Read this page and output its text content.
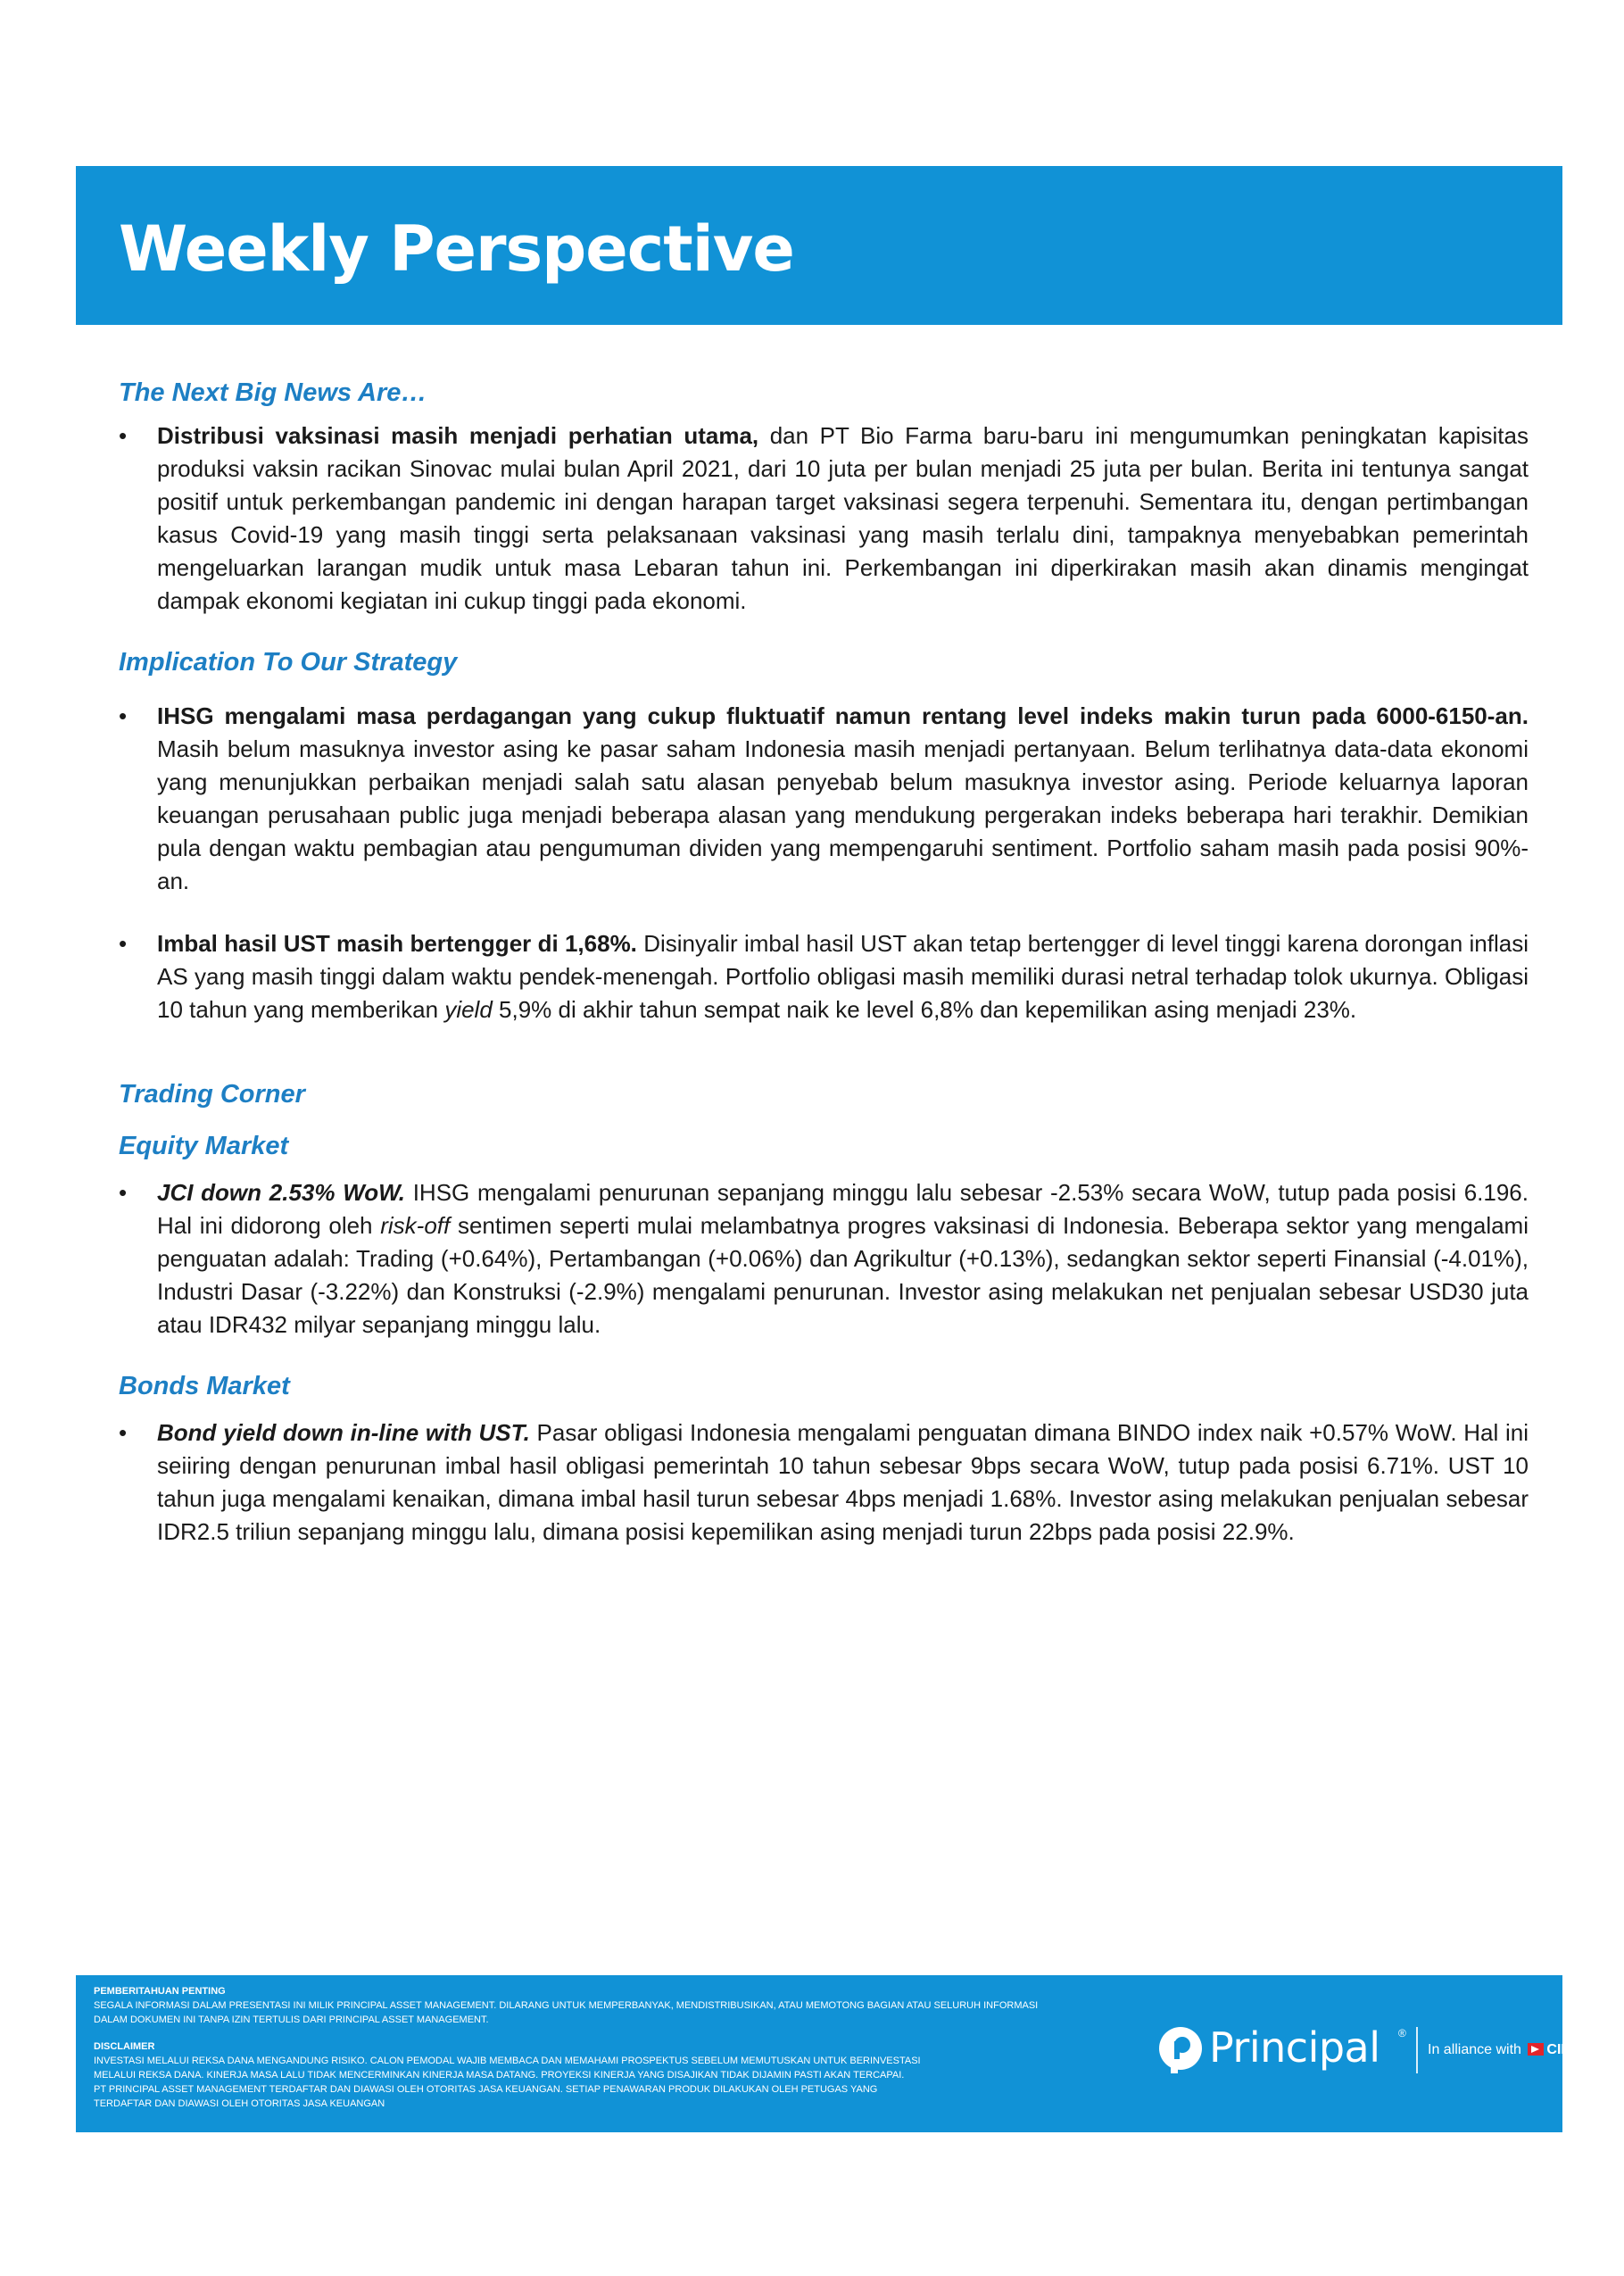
Weekly Perspective
The Next Big News Are…
• Distribusi vaksinasi masih menjadi perhatian utama, dan PT Bio Farma baru-baru ini mengumumkan peningkatan kapisitas produksi vaksin racikan Sinovac mulai bulan April 2021, dari 10 juta per bulan menjadi 25 juta per bulan. Berita ini tentunya sangat positif untuk perkembangan pandemic ini dengan harapan target vaksinasi segera terpenuhi. Sementara itu, dengan pertimbangan kasus Covid-19 yang masih tinggi serta pelaksanaan vaksinasi yang masih terlalu dini, tampaknya menyebabkan pemerintah mengeluarkan larangan mudik untuk masa Lebaran tahun ini. Perkembangan ini diperkirakan masih akan dinamis mengingat dampak ekonomi kegiatan ini cukup tinggi pada ekonomi.
Implication To Our Strategy
• IHSG mengalami masa perdagangan yang cukup fluktuatif namun rentang level indeks makin turun pada 6000-6150-an. Masih belum masuknya investor asing ke pasar saham Indonesia masih menjadi pertanyaan. Belum terlihatnya data-data ekonomi yang menunjukkan perbaikan menjadi salah satu alasan penyebab belum masuknya investor asing. Periode keluarnya laporan keuangan perusahaan public juga menjadi beberapa alasan yang mendukung pergerakan indeks beberapa hari terakhir. Demikian pula dengan waktu pembagian atau pengumuman dividen yang mempengaruhi sentiment. Portfolio saham masih pada posisi 90%-an.
• Imbal hasil UST masih bertengger di 1,68%. Disinyalir imbal hasil UST akan tetap bertengger di level tinggi karena dorongan inflasi AS yang masih tinggi dalam waktu pendek-menengah. Portfolio obligasi masih memiliki durasi netral terhadap tolok ukurnya. Obligasi 10 tahun yang memberikan yield 5,9% di akhir tahun sempat naik ke level 6,8% dan kepemilikan asing menjadi 23%.
Trading Corner
Equity Market
• JCI down 2.53% WoW. IHSG mengalami penurunan sepanjang minggu lalu sebesar -2.53% secara WoW, tutup pada posisi 6.196. Hal ini didorong oleh risk-off sentimen seperti mulai melambatnya progres vaksinasi di Indonesia. Beberapa sektor yang mengalami penguatan adalah: Trading (+0.64%), Pertambangan (+0.06%) dan Agrikultur (+0.13%), sedangkan sektor seperti Finansial (-4.01%), Industri Dasar (-3.22%) dan Konstruksi (-2.9%) mengalami penurunan. Investor asing melakukan net penjualan sebesar USD30 juta atau IDR432 milyar sepanjang minggu lalu.
Bonds Market
• Bond yield down in-line with UST. Pasar obligasi Indonesia mengalami penguatan dimana BINDO index naik +0.57% WoW. Hal ini seiiring dengan penurunan imbal hasil obligasi pemerintah 10 tahun sebesar 9bps secara WoW, tutup pada posisi 6.71%. UST 10 tahun juga mengalami kenaikan, dimana imbal hasil turun sebesar 4bps menjadi 1.68%. Investor asing melakukan penjualan sebesar IDR2.5 triliun sepanjang minggu lalu, dimana posisi kepemilikan asing menjadi turun 22bps pada posisi 22.9%.
PEMBERITAHUAN PENTING
SEGALA INFORMASI DALAM PRESENTASI INI MILIK PRINCIPAL ASSET MANAGEMENT. DILARANG UNTUK MEMPERBANYAK, MENDISTRIBUSIKAN, ATAU MEMOTONG BAGIAN ATAU SELURUH INFORMASI
DALAM DOKUMEN INI TANPA IZIN TERTULIS DARI PRINCIPAL ASSET MANAGEMENT.
DISCLAIMER
INVESTASI MELALUI REKSA DANA MENGANDUNG RISIKO. CALON PEMODAL WAJIB MEMBACA DAN MEMAHAMI PROSPEKTUS SEBELUM MEMUTUSKAN UNTUK BERINVESTASI
MELALUI REKSA DANA. KINERJA MASA LALU TIDAK MENCERMINKAN KINERJA MASA DATANG. PROYEKSI KINERJA YANG DISAJIKAN TIDAK DIJAMIN PASTI AKAN TERCAPAI.
PT PRINCIPAL ASSET MANAGEMENT TERDAFTAR DAN DIAWASI OLEH OTORITAS JASA KEUANGAN. SETIAP PENAWARAN PRODUK DILAKUKAN OLEH PETUGAS YANG
TERDAFTAR DAN DIAWASI OLEH OTORITAS JASA KEUANGAN
Principal ®
In alliance with CIMB
